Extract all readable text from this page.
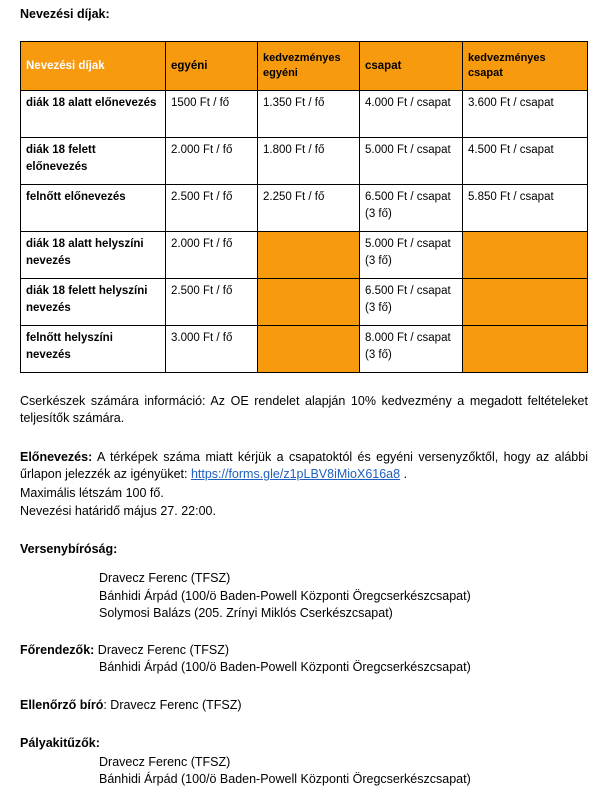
Nevezési díjak:
Nevezési díjak	egyéni	kedvezményes egyéni	csapat	kedvezményes csapat
diák 18 alatt előnevezés	1500 Ft / fő	1.350 Ft / fő	4.000 Ft / csapat	3.600 Ft / csapat
diák 18 felett előnevezés	2.000 Ft / fő	1.800 Ft / fő	5.000 Ft / csapat	4.500 Ft / csapat
felnőtt előnevezés	2.500 Ft / fő	2.250 Ft / fő	6.500 Ft / csapat (3 fő)	5.850 Ft / csapat
diák 18 alatt helyszíni nevezés	2.000 Ft / fő		5.000 Ft / csapat (3 fő)	
diák 18 felett helyszíni nevezés	2.500 Ft / fő		6.500 Ft / csapat (3 fő)	
felnőtt helyszíni nevezés	3.000 Ft / fő		8.000 Ft / csapat (3 fő)	
Cserkészek számára információ: Az OE rendelet alapján 10% kedvezmény a megadott feltételeket teljesítők számára.
Előnevezés: A térképek száma miatt kérjük a csapatoktól és egyéni versenyzőktől, hogy az alábbi űrlapon jelezzék az igényüket: https://forms.gle/z1pLBV8iMioX616a8 .
Maximális létszám 100 fő.
Nevezési határidő május 27. 22:00.
Versenybíróság:
Dravecz Ferenc (TFSZ)
Bánhidi Árpád (100/ö Baden-Powell Központi Öregcserkészcsapat)
Solymosi Balázs (205. Zrínyi Miklós Cserkészcsapat)
Főrendezők: Dravecz Ferenc (TFSZ)
Bánhidi Árpád (100/ö Baden-Powell Központi Öregcserkészcsapat)
Ellenőrző bíró: Dravecz Ferenc (TFSZ)
Pályakitűzők:
Dravecz Ferenc (TFSZ)
Bánhidi Árpád (100/ö Baden-Powell Központi Öregcserkészcsapat)
